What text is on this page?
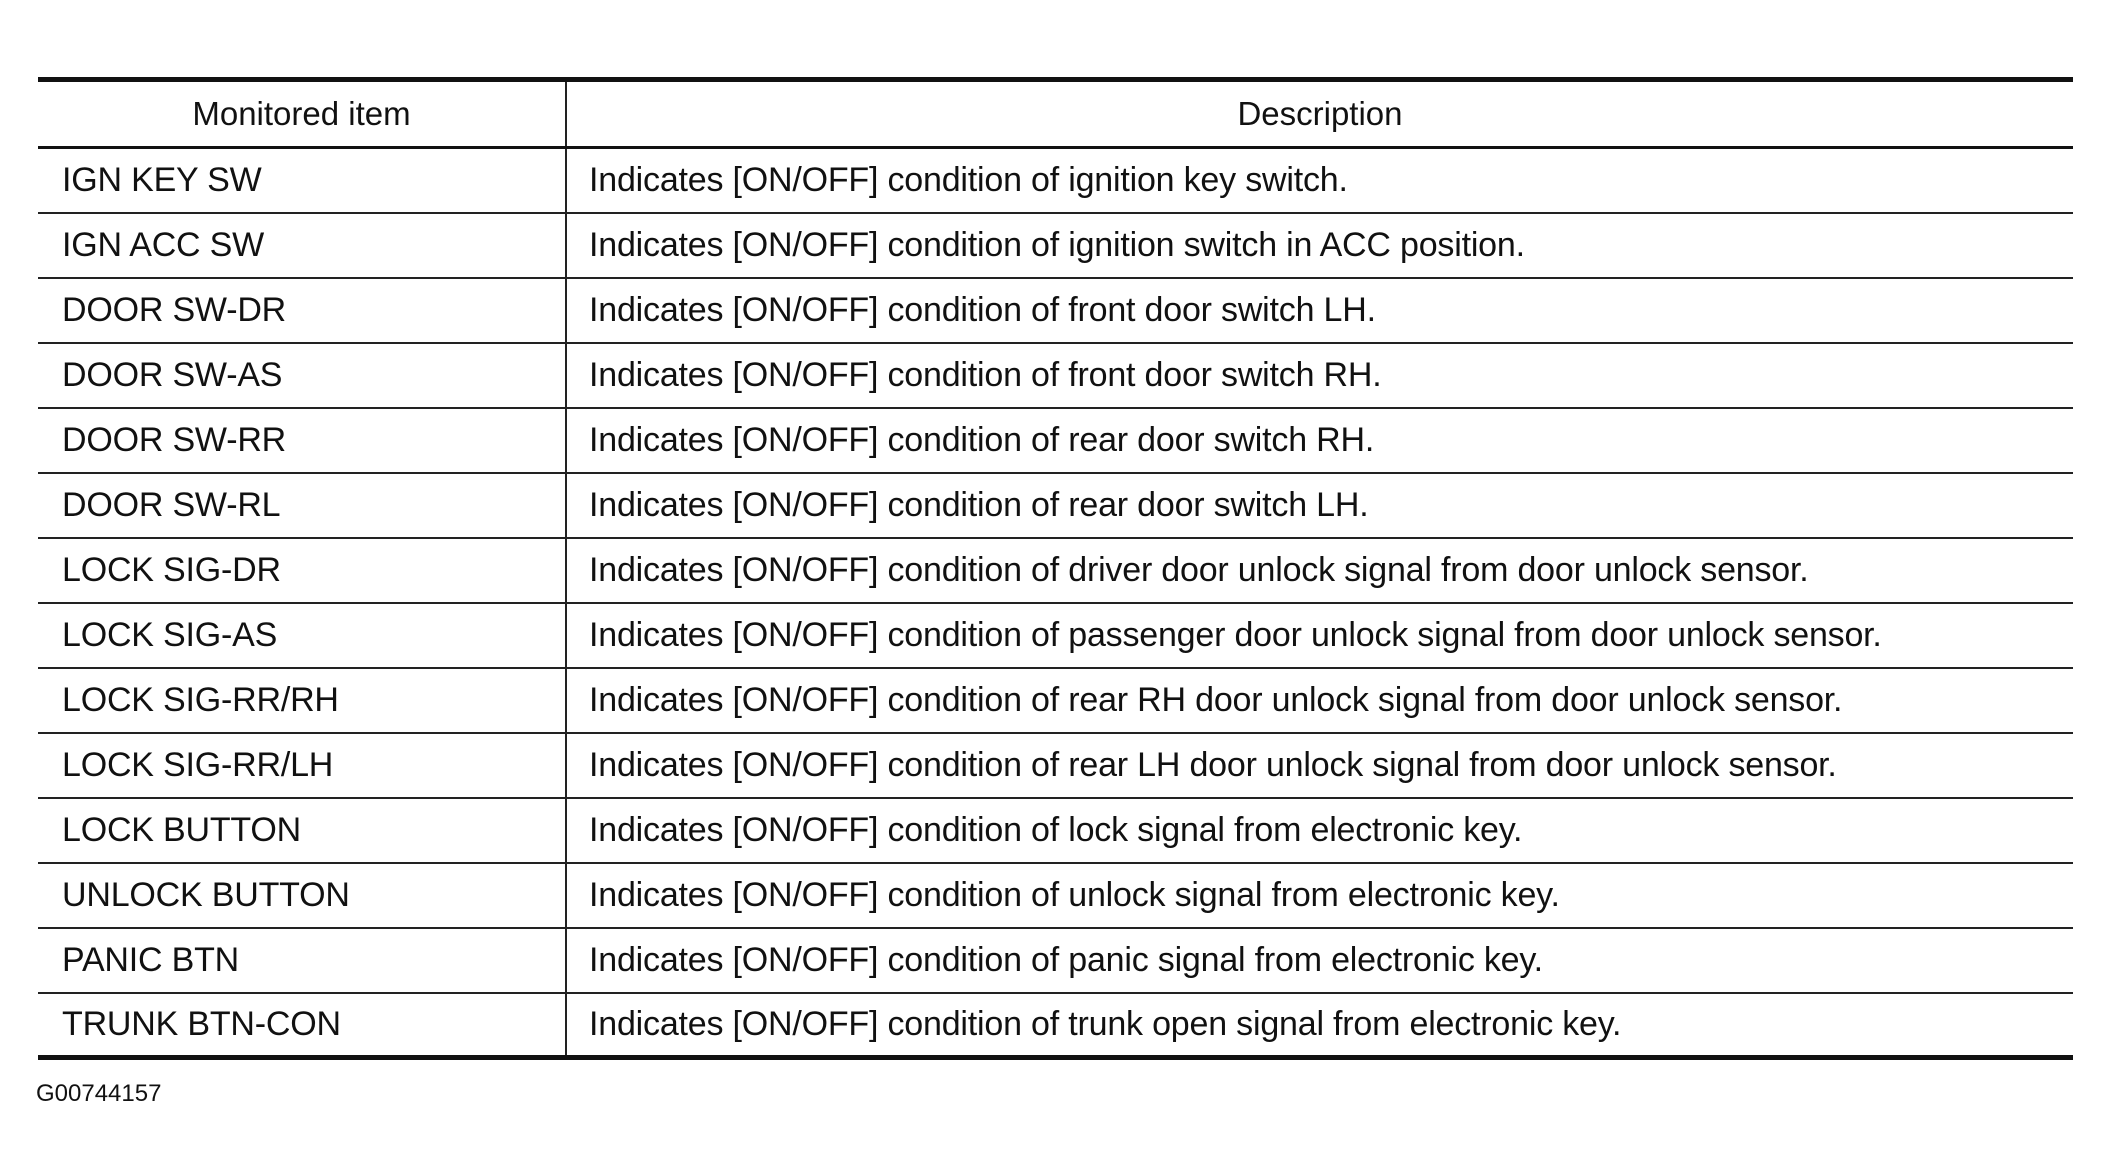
Monitored item	Description
IGN KEY SW	Indicates [ON/OFF] condition of ignition key switch.
IGN ACC SW	Indicates [ON/OFF] condition of ignition switch in ACC position.
DOOR SW-DR	Indicates [ON/OFF] condition of front door switch LH.
DOOR SW-AS	Indicates [ON/OFF] condition of front door switch RH.
DOOR SW-RR	Indicates [ON/OFF] condition of rear door switch RH.
DOOR SW-RL	Indicates [ON/OFF] condition of rear door switch LH.
LOCK SIG-DR	Indicates [ON/OFF] condition of driver door unlock signal from door unlock sensor.
LOCK SIG-AS	Indicates [ON/OFF] condition of passenger door unlock signal from door unlock sensor.
LOCK SIG-RR/RH	Indicates [ON/OFF] condition of rear RH door unlock signal from door unlock sensor.
LOCK SIG-RR/LH	Indicates [ON/OFF] condition of rear LH door unlock signal from door unlock sensor.
LOCK BUTTON	Indicates [ON/OFF] condition of lock signal from electronic key.
UNLOCK BUTTON	Indicates [ON/OFF] condition of unlock signal from electronic key.
PANIC BTN	Indicates [ON/OFF] condition of panic signal from electronic key.
TRUNK BTN-CON	Indicates [ON/OFF] condition of trunk open signal from electronic key.
G00744157
